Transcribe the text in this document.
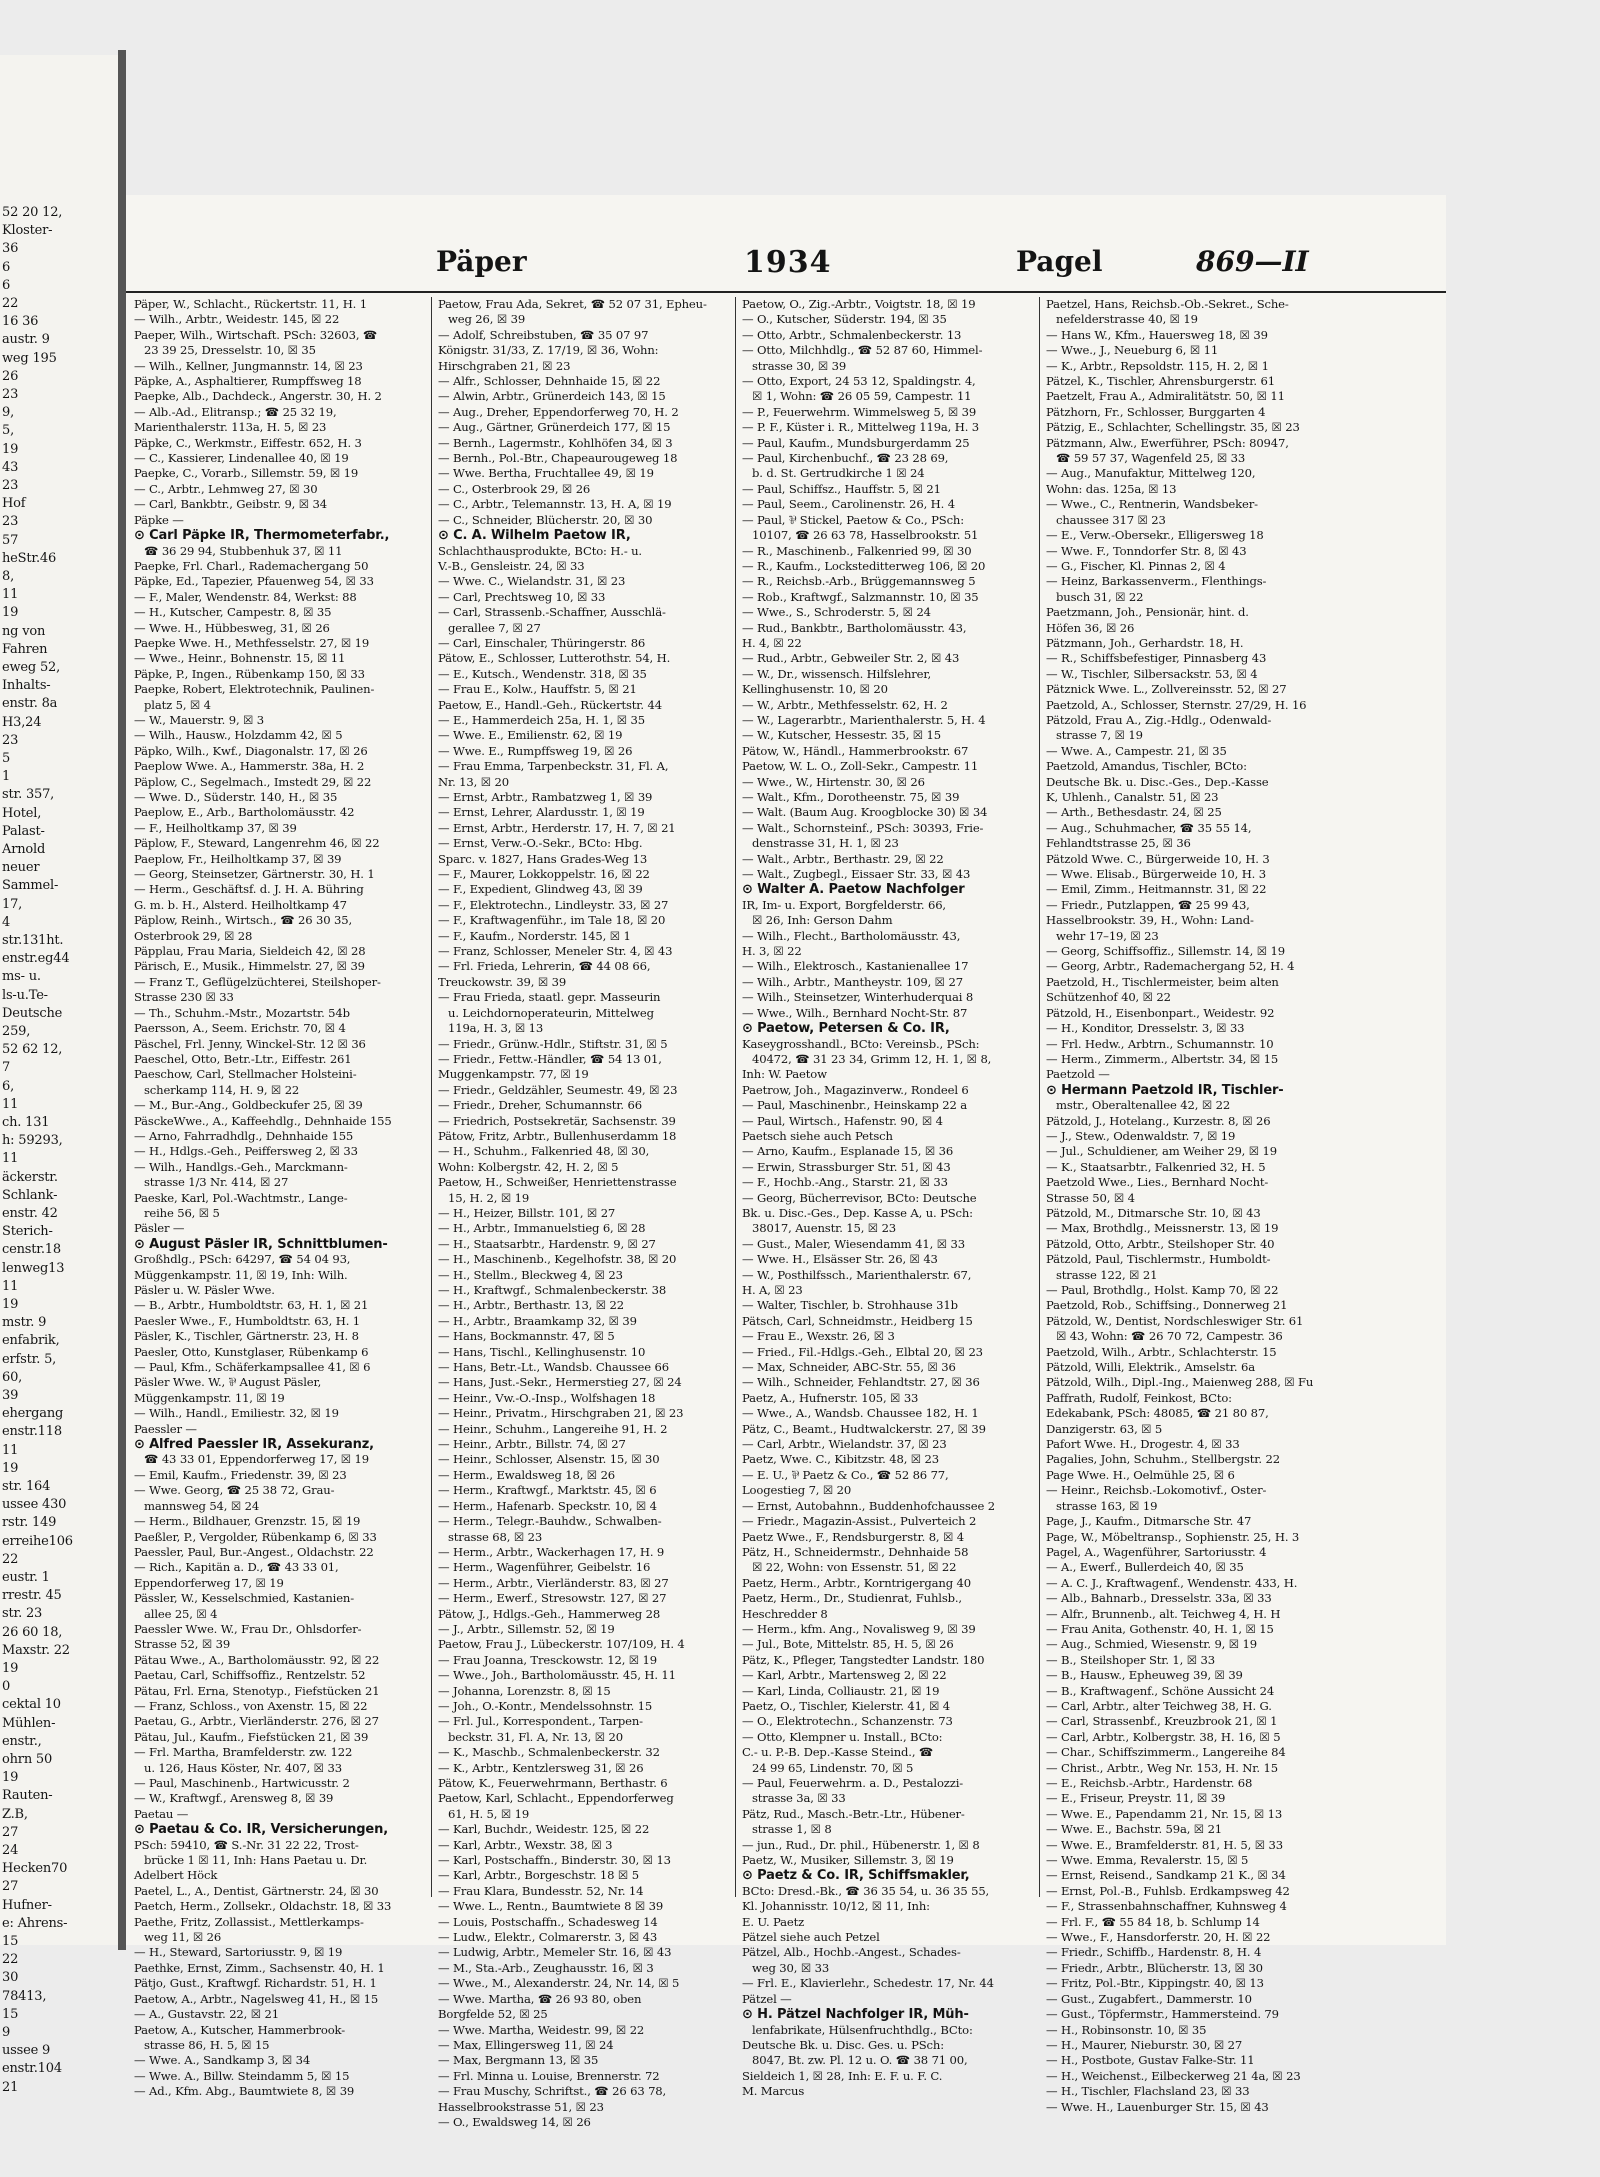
52 20 12,
Kloster-
36
6
6
22
16 36
austr. 9
weg 195
26
23
9,
5,
19
43
23
Hof
23
57
heStr.46
8,
11
19
ng von
Fahren
eweg 52,
Inhalts-
enstr. 8a
H3,24
23
5
1
str. 357,
Hotel,
Palast-
Arnold
neuer
Sammel-
17,
4
str.131ht.
enstr.eg44
ms- u.
ls-u.Te-
Deutsche
259,
52 62 12,
7
6,
11
ch. 131
h: 59293,
11
äckerstr.
Schlank-
enstr. 42
Sterich-
censtr.18
lenweg13
11
19
mstr. 9
enfabrik,
erfstr. 5,
60,
39
ehergang
enstr.118
11
19
str. 164
ussee 430
rstr. 149
erreihe106
22
eustr. 1
rrestr. 45
str. 23
26 60 18,
Maxstr. 22
19
0
cektal 10
Mühlen-
enstr.,
ohrn 50
19
Rauten-
Z.B,
27
24
Hecken70
27
Hufner-
e: Ahrens-
15
22
30
78413,
15
9
ussee 9
enstr.104
21
Päper	1934	Pagel	869—II
Päper, W., Schlacht., Rückertstr. 11, H. 1
— Wilh., Arbtr., Weidestr. 145, ☒ 22
Paeper, Wilh., Wirtschaft. PSch: 32603, ☎
23 39 25, Dresselstr. 10, ☒ 35
— Wilh., Kellner, Jungmannstr. 14, ☒ 23
Päpke, A., Asphaltierer, Rumpffsweg 18
Paepke, Alb., Dachdeck., Angerstr. 30, H. 2
— Alb.-Ad., Elitransp.; ☎ 25 32 19,
Marienthalerstr. 113a, H. 5, ☒ 23
Päpke, C., Werkmstr., Eiffestr. 652, H. 3
— C., Kassierer, Lindenallee 40, ☒ 19
Paepke, C., Vorarb., Sillemstr. 59, ☒ 19
— C., Arbtr., Lehmweg 27, ☒ 30
— Carl, Bankbtr., Geibstr. 9, ☒ 34
Päpke —
⊙ Carl Päpke IR, Thermometerfabr.,
☎ 36 29 94, Stubbenhuk 37, ☒ 11
Paepke, Frl. Charl., Rademachergang 50
Päpke, Ed., Tapezier, Pfauenweg 54, ☒ 33
— F., Maler, Wendenstr. 84, Werkst: 88
— H., Kutscher, Campestr. 8, ☒ 35
— Wwe. H., Hübbesweg, 31, ☒ 26
Paepke Wwe. H., Methfesselstr. 27, ☒ 19
— Wwe., Heinr., Bohnenstr. 15, ☒ 11
Päpke, P., Ingen., Rübenkamp 150, ☒ 33
Paepke, Robert, Elektrotechnik, Paulinen-
platz 5, ☒ 4
— W., Mauerstr. 9, ☒ 3
— Wilh., Hausw., Holzdamm 42, ☒ 5
Päpko, Wilh., Kwf., Diagonalstr. 17, ☒ 26
Paeplow Wwe. A., Hammerstr. 38a, H. 2
Päplow, C., Segelmach., Imstedt 29, ☒ 22
— Wwe. D., Süderstr. 140, H., ☒ 35
Paeplow, E., Arb., Bartholomäusstr. 42
— F., Heilholtkamp 37, ☒ 39
Päplow, F., Steward, Langenrehm 46, ☒ 22
Paeplow, Fr., Heilholtkamp 37, ☒ 39
— Georg, Steinsetzer, Gärtnerstr. 30, H. 1
— Herm., Geschäftsf. d. J. H. A. Bühring
G. m. b. H., Alsterd. Heilholtkamp 47
Päplow, Reinh., Wirtsch., ☎ 26 30 35,
Osterbrook 29, ☒ 28
Päpplau, Frau Maria, Sieldeich 42, ☒ 28
Pärisch, E., Musik., Himmelstr. 27, ☒ 39
— Franz T., Geflügelzüchterei, Steilshoper-
Strasse 230 ☒ 33
— Th., Schuhm.-Mstr., Mozartstr. 54b
Paersson, A., Seem. Erichstr. 70, ☒ 4
Päschel, Frl. Jenny, Winckel-Str. 12 ☒ 36
Paeschel, Otto, Betr.-Ltr., Eiffestr. 261
Paeschow, Carl, Stellmacher Holsteini-
scherkamp 114, H. 9, ☒ 22
— M., Bur.-Ang., Goldbeckufer 25, ☒ 39
PäsckeWwe., A., Kaffeehdlg., Dehnhaide 155
— Arno, Fahrradhdlg., Dehnhaide 155
— H., Hdlgs.-Geh., Peiffersweg 2, ☒ 33
— Wilh., Handlgs.-Geh., Marckmann-
strasse 1/3 Nr. 414, ☒ 27
Paeske, Karl, Pol.-Wachtmstr., Lange-
reihe 56, ☒ 5
Päsler —
⊙ August Päsler IR, Schnittblumen-
Großhdlg., PSch: 64297, ☎ 54 04 93,
Müggenkampstr. 11, ☒ 19, Inh: Wilh.
Päsler u. W. Päsler Wwe.
— B., Arbtr., Humboldtstr. 63, H. 1, ☒ 21
Paesler Wwe., F., Humboldtstr. 63, H. 1
Päsler, K., Tischler, Gärtnerstr. 23, H. 8
Paesler, Otto, Kunstglaser, Rübenkamp 6
— Paul, Kfm., Schäferkampsallee 41, ☒ 6
Päsler Wwe. W., ⅌ August Päsler,
Müggenkampstr. 11, ☒ 19
— Wilh., Handl., Emiliestr. 32, ☒ 19
Paessler —
⊙ Alfred Paessler IR, Assekuranz,
☎ 43 33 01, Eppendorferweg 17, ☒ 19
— Emil, Kaufm., Friedenstr. 39, ☒ 23
— Wwe. Georg, ☎ 25 38 72, Grau-
mannsweg 54, ☒ 24
— Herm., Bildhauer, Grenzstr. 15, ☒ 19
Paeßler, P., Vergolder, Rübenkamp 6, ☒ 33
Paessler, Paul, Bur.-Angest., Oldachstr. 22
— Rich., Kapitän a. D., ☎ 43 33 01,
Eppendorferweg 17, ☒ 19
Pässler, W., Kesselschmied, Kastanien-
allee 25, ☒ 4
Paessler Wwe. W., Frau Dr., Ohlsdorfer-
Strasse 52, ☒ 39
Pätau Wwe., A., Bartholomäusstr. 92, ☒ 22
Paetau, Carl, Schiffsoffiz., Rentzelstr. 52
Pätau, Frl. Erna, Stenotyp., Fiefstücken 21
— Franz, Schloss., von Axenstr. 15, ☒ 22
Paetau, G., Arbtr., Vierländerstr. 276, ☒ 27
Pätau, Jul., Kaufm., Fiefstücken 21, ☒ 39
— Frl. Martha, Bramfelderstr. zw. 122
u. 126, Haus Köster, Nr. 407, ☒ 33
— Paul, Maschinenb., Hartwicusstr. 2
— W., Kraftwgf., Arensweg 8, ☒ 39
Paetau —
⊙ Paetau & Co. IR, Versicherungen,
PSch: 59410, ☎ S.-Nr. 31 22 22, Trost-
brücke 1 ☒ 11, Inh: Hans Paetau u. Dr.
Adelbert Höck
Paetel, L., A., Dentist, Gärtnerstr. 24, ☒ 30
Paetch, Herm., Zollsekr., Oldachstr. 18, ☒ 33
Paethe, Fritz, Zollassist., Mettlerkamps-
weg 11, ☒ 26
— H., Steward, Sartoriusstr. 9, ☒ 19
Paethke, Ernst, Zimm., Sachsenstr. 40, H. 1
Pätjo, Gust., Kraftwgf. Richardstr. 51, H. 1
Paetow, A., Arbtr., Nagelsweg 41, H., ☒ 15
— A., Gustavstr. 22, ☒ 21
Paetow, A., Kutscher, Hammerbrook-
strasse 86, H. 5, ☒ 15
— Wwe. A., Sandkamp 3, ☒ 34
— Wwe. A., Billw. Steindamm 5, ☒ 15
— Ad., Kfm. Abg., Baumtwiete 8, ☒ 39
Paetow, Frau Ada, Sekret, ☎ 52 07 31, Epheu-
weg 26, ☒ 39
— Adolf, Schreibstuben, ☎ 35 07 97
Königstr. 31/33, Z. 17/19, ☒ 36, Wohn:
Hirschgraben 21, ☒ 23
— Alfr., Schlosser, Dehnhaide 15, ☒ 22
— Alwin, Arbtr., Grünerdeich 143, ☒ 15
— Aug., Dreher, Eppendorferweg 70, H. 2
— Aug., Gärtner, Grünerdeich 177, ☒ 15
— Bernh., Lagermstr., Kohlhöfen 34, ☒ 3
— Bernh., Pol.-Btr., Chapeaurougeweg 18
— Wwe. Bertha, Fruchtallee 49, ☒ 19
— C., Osterbrook 29, ☒ 26
— C., Arbtr., Telemannstr. 13, H. A, ☒ 19
— C., Schneider, Blücherstr. 20, ☒ 30
⊙ C. A. Wilhelm Paetow IR,
Schlachthausprodukte, BCto: H.- u.
V.-B., Gensleistr. 24, ☒ 33
— Wwe. C., Wielandstr. 31, ☒ 23
— Carl, Prechtsweg 10, ☒ 33
— Carl, Strassenb.-Schaffner, Ausschlä-
gerallee 7, ☒ 27
— Carl, Einschaler, Thüringerstr. 86
Pätow, E., Schlosser, Lutterothstr. 54, H.
— E., Kutsch., Wendenstr. 318, ☒ 35
— Frau E., Kolw., Hauffstr. 5, ☒ 21
Paetow, E., Handl.-Geh., Rückertstr. 44
— E., Hammerdeich 25a, H. 1, ☒ 35
— Wwe. E., Emilienstr. 62, ☒ 19
— Wwe. E., Rumpffsweg 19, ☒ 26
— Frau Emma, Tarpenbeckstr. 31, Fl. A,
Nr. 13, ☒ 20
— Ernst, Arbtr., Rambatzweg 1, ☒ 39
— Ernst, Lehrer, Alardusstr. 1, ☒ 19
— Ernst, Arbtr., Herderstr. 17, H. 7, ☒ 21
— Ernst, Verw.-O.-Sekr., BCto: Hbg.
Sparc. v. 1827, Hans Grades-Weg 13
— F., Maurer, Lokkoppelstr. 16, ☒ 22
— F., Expedient, Glindweg 43, ☒ 39
— F., Elektrotechn., Lindleystr. 33, ☒ 27
— F., Kraftwagenführ., im Tale 18, ☒ 20
— F., Kaufm., Norderstr. 145, ☒ 1
— Franz, Schlosser, Meneler Str. 4, ☒ 43
— Frl. Frieda, Lehrerin, ☎ 44 08 66,
Treuckowstr. 39, ☒ 39
— Frau Frieda, staatl. gepr. Masseurin
u. Leichdornoperateurin, Mittelweg
119a, H. 3, ☒ 13
— Friedr., Grünw.-Hdlr., Stiftstr. 31, ☒ 5
— Friedr., Fettw.-Händler, ☎ 54 13 01,
Muggenkampstr. 77, ☒ 19
— Friedr., Geldzähler, Seumestr. 49, ☒ 23
— Friedr., Dreher, Schumannstr. 66
— Friedrich, Postsekretär, Sachsenstr. 39
Pätow, Fritz, Arbtr., Bullenhuserdamm 18
— H., Schuhm., Falkenried 48, ☒ 30,
Wohn: Kolbergstr. 42, H. 2, ☒ 5
Paetow, H., Schweißer, Henriettenstrasse
15, H. 2, ☒ 19
— H., Heizer, Billstr. 101, ☒ 27
— H., Arbtr., Immanuelstieg 6, ☒ 28
— H., Staatsarbtr., Hardenstr. 9, ☒ 27
— H., Maschinenb., Kegelhofstr. 38, ☒ 20
— H., Stellm., Bleckweg 4, ☒ 23
— H., Kraftwgf., Schmalenbeckerstr. 38
— H., Arbtr., Berthastr. 13, ☒ 22
— H., Arbtr., Braamkamp 32, ☒ 39
— Hans, Bockmannstr. 47, ☒ 5
— Hans, Tischl., Kellinghusenstr. 10
— Hans, Betr.-Lt., Wandsb. Chaussee 66
— Hans, Just.-Sekr., Hermerstieg 27, ☒ 24
— Heinr., Vw.-O.-Insp., Wolfshagen 18
— Heinr., Privatm., Hirschgraben 21, ☒ 23
— Heinr., Schuhm., Langereihe 91, H. 2
— Heinr., Arbtr., Billstr. 74, ☒ 27
— Heinr., Schlosser, Alsenstr. 15, ☒ 30
— Herm., Ewaldsweg 18, ☒ 26
— Herm., Kraftwgf., Marktstr. 45, ☒ 6
— Herm., Hafenarb. Speckstr. 10, ☒ 4
— Herm., Telegr.-Bauhdw., Schwalben-
strasse 68, ☒ 23
— Herm., Arbtr., Wackerhagen 17, H. 9
— Herm., Wagenführer, Geibelstr. 16
— Herm., Arbtr., Vierländerstr. 83, ☒ 27
— Herm., Ewerf., Stresowstr. 127, ☒ 27
Pätow, J., Hdlgs.-Geh., Hammerweg 28
— J., Arbtr., Sillemstr. 52, ☒ 19
Paetow, Frau J., Lübeckerstr. 107/109, H. 4
— Frau Joanna, Tresckowstr. 12, ☒ 19
— Wwe., Joh., Bartholomäusstr. 45, H. 11
— Johanna, Lorenzstr. 8, ☒ 15
— Joh., O.-Kontr., Mendelssohnstr. 15
— Frl. Jul., Korrespondent., Tarpen-
beckstr. 31, Fl. A, Nr. 13, ☒ 20
— K., Maschb., Schmalenbeckerstr. 32
— K., Arbtr., Kentzlersweg 31, ☒ 26
Pätow, K., Feuerwehrmann, Berthastr. 6
Paetow, Karl, Schlacht., Eppendorferweg
61, H. 5, ☒ 19
— Karl, Buchdr., Weidestr. 125, ☒ 22
— Karl, Arbtr., Wexstr. 38, ☒ 3
— Karl, Postschaffn., Binderstr. 30, ☒ 13
— Karl, Arbtr., Borgeschstr. 18 ☒ 5
— Frau Klara, Bundesstr. 52, Nr. 14
— Wwe. L., Rentn., Baumtwiete 8 ☒ 39
— Louis, Postschaffn., Schadesweg 14
— Ludw., Elektr., Colmarerstr. 3, ☒ 43
— Ludwig, Arbtr., Memeler Str. 16, ☒ 43
— M., Sta.-Arb., Zeughausstr. 16, ☒ 3
— Wwe., M., Alexanderstr. 24, Nr. 14, ☒ 5
— Wwe. Martha, ☎ 26 93 80, oben
Borgfelde 52, ☒ 25
— Wwe. Martha, Weidestr. 99, ☒ 22
— Max, Ellingersweg 11, ☒ 24
— Max, Bergmann 13, ☒ 35
— Frl. Minna u. Louise, Brennerstr. 72
— Frau Muschy, Schriftst., ☎ 26 63 78,
Hasselbrookstrasse 51, ☒ 23
— O., Ewaldsweg 14, ☒ 26
Paetow, O., Zig.-Arbtr., Voigtstr. 18, ☒ 19
— O., Kutscher, Süderstr. 194, ☒ 35
— Otto, Arbtr., Schmalenbeckerstr. 13
— Otto, Milchhdlg., ☎ 52 87 60, Himmel-
strasse 30, ☒ 39
— Otto, Export, 24 53 12, Spaldingstr. 4,
☒ 1, Wohn: ☎ 26 05 59, Campestr. 11
— P., Feuerwehrm. Wimmelsweg 5, ☒ 39
— P. F., Küster i. R., Mittelweg 119a, H. 3
— Paul, Kaufm., Mundsburgerdamm 25
— Paul, Kirchenbuchf., ☎ 23 28 69,
b. d. St. Gertrudkirche 1 ☒ 24
— Paul, Schiffsz., Hauffstr. 5, ☒ 21
— Paul, Seem., Carolinenstr. 26, H. 4
— Paul, ⅌ Stickel, Paetow & Co., PSch:
10107, ☎ 26 63 78, Hasselbrookstr. 51
— R., Maschinenb., Falkenried 99, ☒ 30
— R., Kaufm., Locksteditterweg 106, ☒ 20
— R., Reichsb.-Arb., Brüggemannsweg 5
— Rob., Kraftwgf., Salzmannstr. 10, ☒ 35
— Wwe., S., Schroderstr. 5, ☒ 24
— Rud., Bankbtr., Bartholomäusstr. 43,
H. 4, ☒ 22
— Rud., Arbtr., Gebweiler Str. 2, ☒ 43
— W., Dr., wissensch. Hilfslehrer,
Kellinghusenstr. 10, ☒ 20
— W., Arbtr., Methfesselstr. 62, H. 2
— W., Lagerarbtr., Marienthalerstr. 5, H. 4
— W., Kutscher, Hessestr. 35, ☒ 15
Pätow, W., Händl., Hammerbrookstr. 67
Paetow, W. L. O., Zoll-Sekr., Campestr. 11
— Wwe., W., Hirtenstr. 30, ☒ 26
— Walt., Kfm., Dorotheenstr. 75, ☒ 39
— Walt. (Baum Aug. Kroogblocke 30) ☒ 34
— Walt., Schornsteinf., PSch: 30393, Frie-
denstrasse 31, H. 1, ☒ 23
— Walt., Arbtr., Berthastr. 29, ☒ 22
— Walt., Zugbegl., Eissaer Str. 33, ☒ 43
⊙ Walter A. Paetow Nachfolger
IR, Im- u. Export, Borgfelderstr. 66,
☒ 26, Inh: Gerson Dahm
— Wilh., Flecht., Bartholomäusstr. 43,
H. 3, ☒ 22
— Wilh., Elektrosch., Kastanienallee 17
— Wilh., Arbtr., Mantheystr. 109, ☒ 27
— Wilh., Steinsetzer, Winterhuderquai 8
— Wwe., Wilh., Bernhard Nocht-Str. 87
⊙ Paetow, Petersen & Co. IR,
Kaseygrosshandl., BCto: Vereinsb., PSch:
40472, ☎ 31 23 34, Grimm 12, H. 1, ☒ 8,
Inh: W. Paetow
Paetrow, Joh., Magazinverw., Rondeel 6
— Paul, Maschinenbr., Heinskamp 22 a
— Paul, Wirtsch., Hafenstr. 90, ☒ 4
Paetsch siehe auch Petsch
— Arno, Kaufm., Esplanade 15, ☒ 36
— Erwin, Strassburger Str. 51, ☒ 43
— F., Hochb.-Ang., Starstr. 21, ☒ 33
— Georg, Bücherrevisor, BCto: Deutsche
Bk. u. Disc.-Ges., Dep. Kasse A, u. PSch:
38017, Auenstr. 15, ☒ 23
— Gust., Maler, Wiesendamm 41, ☒ 33
— Wwe. H., Elsässer Str. 26, ☒ 43
— W., Posthilfssch., Marienthalerstr. 67,
H. A, ☒ 23
— Walter, Tischler, b. Strohhause 31b
Pätsch, Carl, Schneidmstr., Heidberg 15
— Frau E., Wexstr. 26, ☒ 3
— Fried., Fil.-Hdlgs.-Geh., Elbtal 20, ☒ 23
— Max, Schneider, ABC-Str. 55, ☒ 36
— Wilh., Schneider, Fehlandtstr. 27, ☒ 36
Paetz, A., Hufnerstr. 105, ☒ 33
— Wwe., A., Wandsb. Chaussee 182, H. 1
Pätz, C., Beamt., Hudtwalckerstr. 27, ☒ 39
— Carl, Arbtr., Wielandstr. 37, ☒ 23
Paetz, Wwe. C., Kibitzstr. 48, ☒ 23
— E. U., ⅌ Paetz & Co., ☎ 52 86 77,
Loogestieg 7, ☒ 20
— Ernst, Autobahnn., Buddenhofchaussee 2
— Friedr., Magazin-Assist., Pulverteich 2
Paetz Wwe., F., Rendsburgerstr. 8, ☒ 4
Pätz, H., Schneidermstr., Dehnhaide 58
☒ 22, Wohn: von Essenstr. 51, ☒ 22
Paetz, Herm., Arbtr., Korntrigergang 40
Paetz, Herm., Dr., Studienrat, Fuhlsb.,
Heschredder 8
— Herm., kfm. Ang., Novalisweg 9, ☒ 39
— Jul., Bote, Mittelstr. 85, H. 5, ☒ 26
Pätz, K., Pfleger, Tangstedter Landstr. 180
— Karl, Arbtr., Martensweg 2, ☒ 22
— Karl, Linda, Colliaustr. 21, ☒ 19
Paetz, O., Tischler, Kielerstr. 41, ☒ 4
— O., Elektrotechn., Schanzenstr. 73
— Otto, Klempner u. Install., BCto:
C.- u. P.-B. Dep.-Kasse Steind., ☎
24 99 65, Lindenstr. 70, ☒ 5
— Paul, Feuerwehrm. a. D., Pestalozzi-
strasse 3a, ☒ 33
Pätz, Rud., Masch.-Betr.-Ltr., Hübener-
strasse 1, ☒ 8
— jun., Rud., Dr. phil., Hübenerstr. 1, ☒ 8
Paetz, W., Musiker, Sillemstr. 3, ☒ 19
⊙ Paetz & Co. IR, Schiffsmakler,
BCto: Dresd.-Bk., ☎ 36 35 54, u. 36 35 55,
Kl. Johannisstr. 10/12, ☒ 11, Inh:
E. U. Paetz
Pätzel siehe auch Petzel
Pätzel, Alb., Hochb.-Angest., Schades-
weg 30, ☒ 33
— Frl. E., Klavierlehr., Schedestr. 17, Nr. 44
Pätzel —
⊙ H. Pätzel Nachfolger IR, Müh-
lenfabrikate, Hülsenfruchthdlg., BCto:
Deutsche Bk. u. Disc. Ges. u. PSch:
8047, Bt. zw. Pl. 12 u. O. ☎ 38 71 00,
Sieldeich 1, ☒ 28, Inh: E. F. u. F. C.
M. Marcus
Paetzel, Hans, Reichsb.-Ob.-Sekret., Sche-
nefelderstrasse 40, ☒ 19
— Hans W., Kfm., Hauersweg 18, ☒ 39
— Wwe., J., Neueburg 6, ☒ 11
— K., Arbtr., Repsoldstr. 115, H. 2, ☒ 1
Pätzel, K., Tischler, Ahrensburgerstr. 61
Paetzelt, Frau A., Admiralitätstr. 50, ☒ 11
Pätzhorn, Fr., Schlosser, Burggarten 4
Pätzig, E., Schlachter, Schellingstr. 35, ☒ 23
Pätzmann, Alw., Ewerführer, PSch: 80947,
☎ 59 57 37, Wagenfeld 25, ☒ 33
— Aug., Manufaktur, Mittelweg 120,
Wohn: das. 125a, ☒ 13
— Wwe., C., Rentnerin, Wandsbeker-
chaussee 317 ☒ 23
— E., Verw.-Obersekr., Elligersweg 18
— Wwe. F., Tonndorfer Str. 8, ☒ 43
— G., Fischer, Kl. Pinnas 2, ☒ 4
— Heinz, Barkassenverm., Flenthings-
busch 31, ☒ 22
Paetzmann, Joh., Pensionär, hint. d.
Höfen 36, ☒ 26
Pätzmann, Joh., Gerhardstr. 18, H.
— R., Schiffsbefestiger, Pinnasberg 43
— W., Tischler, Silbersackstr. 53, ☒ 4
Pätznick Wwe. L., Zollvereinsstr. 52, ☒ 27
Paetzold, A., Schlosser, Sternstr. 27/29, H. 16
Pätzold, Frau A., Zig.-Hdlg., Odenwald-
strasse 7, ☒ 19
— Wwe. A., Campestr. 21, ☒ 35
Paetzold, Amandus, Tischler, BCto:
Deutsche Bk. u. Disc.-Ges., Dep.-Kasse
K, Uhlenh., Canalstr. 51, ☒ 23
— Arth., Bethesdastr. 24, ☒ 25
— Aug., Schuhmacher, ☎ 35 55 14,
Fehlandtstrasse 25, ☒ 36
Pätzold Wwe. C., Bürgerweide 10, H. 3
— Wwe. Elisab., Bürgerweide 10, H. 3
— Emil, Zimm., Heitmannstr. 31, ☒ 22
— Friedr., Putzlappen, ☎ 25 99 43,
Hasselbrookstr. 39, H., Wohn: Land-
wehr 17–19, ☒ 23
— Georg, Schiffsoffiz., Sillemstr. 14, ☒ 19
— Georg, Arbtr., Rademachergang 52, H. 4
Paetzold, H., Tischlermeister, beim alten
Schützenhof 40, ☒ 22
Pätzold, H., Eisenbonpart., Weidestr. 92
— H., Konditor, Dresselstr. 3, ☒ 33
— Frl. Hedw., Arbtrn., Schumannstr. 10
— Herm., Zimmerm., Albertstr. 34, ☒ 15
Paetzold —
⊙ Hermann Paetzold IR, Tischler-
mstr., Oberaltenallee 42, ☒ 22
Pätzold, J., Hotelang., Kurzestr. 8, ☒ 26
— J., Stew., Odenwaldstr. 7, ☒ 19
— Jul., Schuldiener, am Weiher 29, ☒ 19
— K., Staatsarbtr., Falkenried 32, H. 5
Paetzold Wwe., Lies., Bernhard Nocht-
Strasse 50, ☒ 4
Pätzold, M., Ditmarsche Str. 10, ☒ 43
— Max, Brothdlg., Meissnerstr. 13, ☒ 19
Pätzold, Otto, Arbtr., Steilshoper Str. 40
Pätzold, Paul, Tischlermstr., Humboldt-
strasse 122, ☒ 21
— Paul, Brothdlg., Holst. Kamp 70, ☒ 22
Paetzold, Rob., Schiffsing., Donnerweg 21
Pätzold, W., Dentist, Nordschleswiger Str. 61
☒ 43, Wohn: ☎ 26 70 72, Campestr. 36
Paetzold, Wilh., Arbtr., Schlachterstr. 15
Pätzold, Willi, Elektrik., Amselstr. 6a
Pätzold, Wilh., Dipl.-Ing., Maienweg 288, ☒ Fu
Paffrath, Rudolf, Feinkost, BCto:
Edekabank, PSch: 48085, ☎ 21 80 87,
Danzigerstr. 63, ☒ 5
Pafort Wwe. H., Drogestr. 4, ☒ 33
Pagalies, John, Schuhm., Stellbergstr. 22
Page Wwe. H., Oelmühle 25, ☒ 6
— Heinr., Reichsb.-Lokomotivf., Oster-
strasse 163, ☒ 19
Page, J., Kaufm., Ditmarsche Str. 47
Page, W., Möbeltransp., Sophienstr. 25, H. 3
Pagel, A., Wagenführer, Sartoriusstr. 4
— A., Ewerf., Bullerdeich 40, ☒ 35
— A. C. J., Kraftwagenf., Wendenstr. 433, H.
— Alb., Bahnarb., Dresselstr. 33a, ☒ 33
— Alfr., Brunnenb., alt. Teichweg 4, H. H
— Frau Anita, Gothenstr. 40, H. 1, ☒ 15
— Aug., Schmied, Wiesenstr. 9, ☒ 19
— B., Steilshoper Str. 1, ☒ 33
— B., Hausw., Epheuweg 39, ☒ 39
— B., Kraftwagenf., Schöne Aussicht 24
— Carl, Arbtr., alter Teichweg 38, H. G.
— Carl, Strassenbf., Kreuzbrook 21, ☒ 1
— Carl, Arbtr., Kolbergstr. 38, H. 16, ☒ 5
— Char., Schiffszimmerm., Langereihe 84
— Christ., Arbtr., Weg Nr. 153, H. Nr. 15
— E., Reichsb.-Arbtr., Hardenstr. 68
— E., Friseur, Preystr. 11, ☒ 39
— Wwe. E., Papendamm 21, Nr. 15, ☒ 13
— Wwe. E., Bachstr. 59a, ☒ 21
— Wwe. E., Bramfelderstr. 81, H. 5, ☒ 33
— Wwe. Emma, Revalerstr. 15, ☒ 5
— Ernst, Reisend., Sandkamp 21 K., ☒ 34
— Ernst, Pol.-B., Fuhlsb. Erdkampsweg 42
— F., Strassenbahnschaffner, Kuhnsweg 4
— Frl. F., ☎ 55 84 18, b. Schlump 14
— Wwe., F., Hansdorferstr. 20, H. ☒ 22
— Friedr., Schiffb., Hardenstr. 8, H. 4
— Friedr., Arbtr., Blücherstr. 13, ☒ 30
— Fritz, Pol.-Btr., Kippingstr. 40, ☒ 13
— Gust., Zugabfert., Dammerstr. 10
— Gust., Töpfermstr., Hammersteind. 79
— H., Robinsonstr. 10, ☒ 35
— H., Maurer, Nieburstr. 30, ☒ 27
— H., Postbote, Gustav Falke-Str. 11
— H., Weichenst., Eilbeckerweg 21 4a, ☒ 23
— H., Tischler, Flachsland 23, ☒ 33
— Wwe. H., Lauenburger Str. 15, ☒ 43
